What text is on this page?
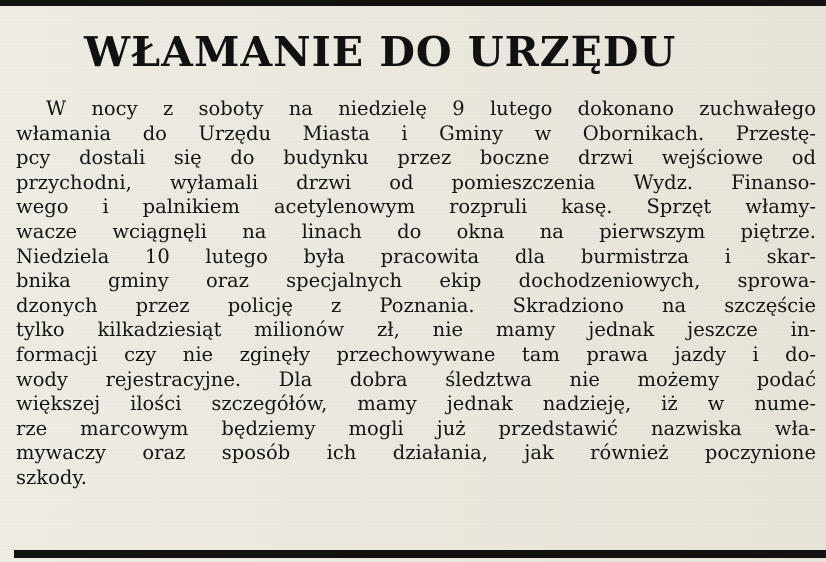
WŁAMANIE DO URZĘDU
W nocy z soboty na niedzielę 9 lutego dokonano zuchwałego
włamania do Urzędu Miasta i Gminy w Obornikach. Przestę-
pcy dostali się do budynku przez boczne drzwi wejściowe od
przychodni, wyłamali drzwi od pomieszczenia Wydz. Finanso-
wego i palnikiem acetylenowym rozpruli kasę. Sprzęt włamy-
wacze wciągnęli na linach do okna na pierwszym piętrze.
Niedziela 10 lutego była pracowita dla burmistrza i skar-
bnika gminy oraz specjalnych ekip dochodzeniowych, sprowa-
dzonych przez policję z Poznania. Skradziono na szczęście
tylko kilkadziesiąt milionów zł, nie mamy jednak jeszcze in-
formacji czy nie zginęły przechowywane tam prawa jazdy i do-
wody rejestracyjne. Dla dobra śledztwa nie możemy podać
większej ilości szczegółów, mamy jednak nadzieję, iż w nume-
rze marcowym będziemy mogli już przedstawić nazwiska wła-
mywaczy oraz sposób ich działania, jak również poczynione
szkody.
